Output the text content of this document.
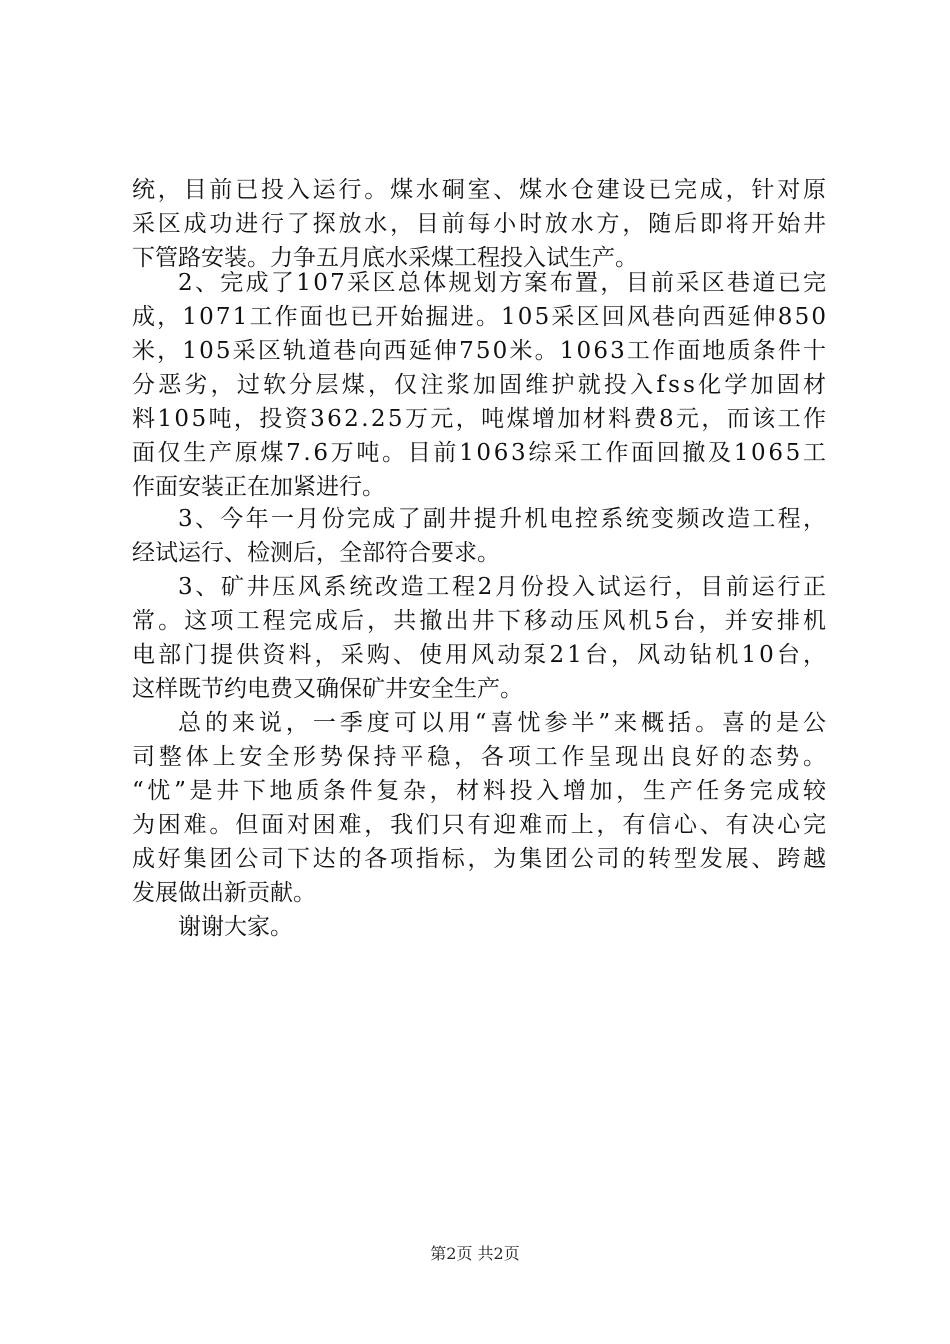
统，目前已投入运行。煤水硐室、煤水仓建设已完成，针对原
采区成功进行了探放水，目前每小时放水方，随后即将开始井
下管路安装。力争五月底水采煤工程投入试生产。
2、完成了107采区总体规划方案布置，目前采区巷道已完
成，1071工作面也已开始掘进。105采区回风巷向西延伸850
米，105采区轨道巷向西延伸750米。1063工作面地质条件十
分恶劣，过软分层煤，仅注浆加固维护就投入fss化学加固材
料105吨，投资362.25万元，吨煤增加材料费8元，而该工作
面仅生产原煤7.6万吨。目前1063综采工作面回撤及1065工
作面安装正在加紧进行。
3、今年一月份完成了副井提升机电控系统变频改造工程，
经试运行、检测后，全部符合要求。
3、矿井压风系统改造工程2月份投入试运行，目前运行正
常。这项工程完成后，共撤出井下移动压风机5台，并安排机
电部门提供资料，采购、使用风动泵21台，风动钻机10台，
这样既节约电费又确保矿井安全生产。
总的来说，一季度可以用“喜忧参半”来概括。喜的是公
司整体上安全形势保持平稳，各项工作呈现出良好的态势。
“忧”是井下地质条件复杂，材料投入增加，生产任务完成较
为困难。但面对困难，我们只有迎难而上，有信心、有决心完
成好集团公司下达的各项指标，为集团公司的转型发展、跨越
发展做出新贡献。
谢谢大家。
第2页 共2页
